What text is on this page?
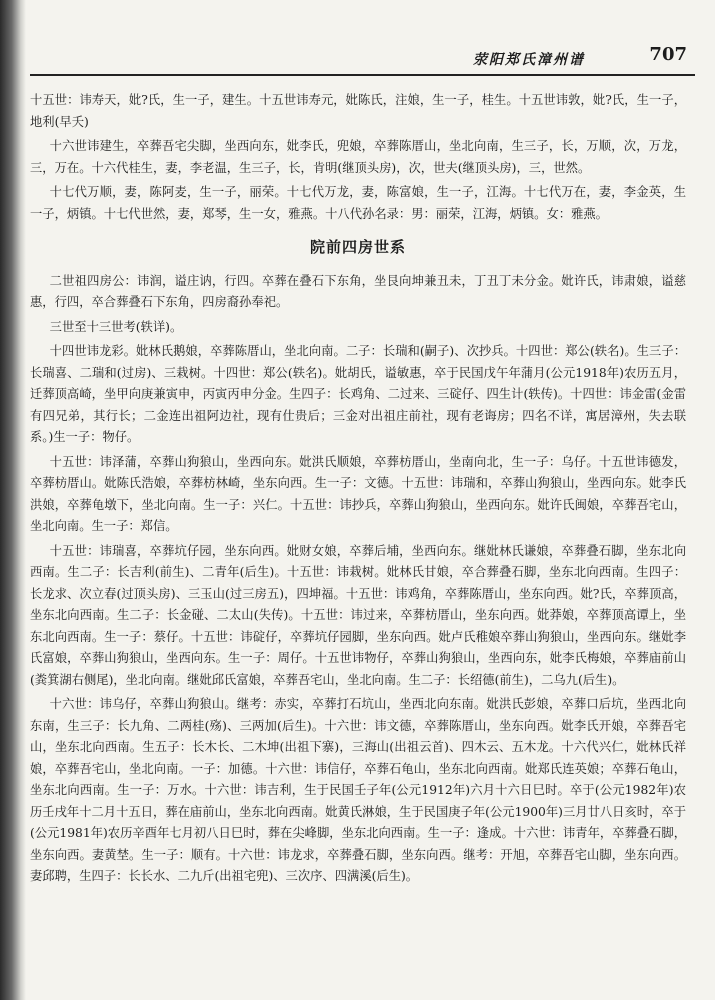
荥阳郑氏漳州谱	707

十五世：讳寿天，妣?氏，生一子，建生。十五世讳寿元，妣陈氏，注娘，生一子，桂生。十五世讳敦，妣?氏，生一子，地利(早夭)

十六世讳建生，卒葬吾宅尖脚，坐西向东，妣李氏，兜娘，卒葬陈厝山，坐北向南，生三子，长，万顺，次，万龙，三，万在。十六代桂生，妻，李老温，生三子，长，肯明(继顶头房)，次，世夫(继顶头房)，三，世然。

十七代万顺，妻，陈阿麦，生一子，丽荣。十七代万龙，妻，陈富娘，生一子，江海。十七代万在，妻，李金英，生一子，炳镇。十七代世然，妻，郑琴，生一女，雅燕。十八代孙名录：男：丽荣，江海，炳镇。女：雅燕。

院前四房世系

二世祖四房公：讳润，谥庄讷，行四。卒葬在叠石下东角，坐艮向坤兼丑未，丁丑丁未分金。妣许氏，讳肃娘，谥慈惠，行四，卒合葬叠石下东角，四房裔孙奉祀。

三世至十三世考(轶详)。

十四世讳龙彩。妣林氏鹅娘，卒葬陈厝山，坐北向南。二子：长瑞和(嗣子)、次抄兵。十四世：郑公(轶名)。生三子：长瑞喜、二瑞和(过房)、三栽树。十四世：郑公(轶名)。妣胡氏，谥敏惠，卒于民国戊午年蒲月(公元1918年)农历五月，迁葬顶高崎，坐甲向庚兼寅申，丙寅丙申分金。生四子：长鸡角、二过来、三碇仔、四生计(轶传)。十四世：讳金雷(金雷有四兄弟，其行长；二金连出祖阿边社，现有仕贵后；三金对出祖庄前社，现有老诲房；四名不详，寓居漳州，失去联系。)生一子：物仔。

十五世：讳泽蒲，卒葬山狗狼山，坐西向东。妣洪氏顺娘，卒葬枋厝山，坐南向北，生一子：乌仔。十五世讳德发，卒葬枋厝山。妣陈氏浩娘，卒葬枋林崎，坐东向西。生一子：文德。十五世：讳瑞和，卒葬山狗狼山，坐西向东。妣李氏洪娘，卒葬龟墩下，坐北向南。生一子：兴仁。十五世：讳抄兵，卒葬山狗狼山，坐西向东。妣许氏闽娘，卒葬吾宅山，坐北向南。生一子：郑信。

十五世：讳瑞喜，卒葬坑仔园，坐东向西。妣财女娘，卒葬后埔，坐西向东。继妣林氏谦娘，卒葬叠石脚，坐东北向西南。生二子：长吉利(前生)、二青年(后生)。十五世：讳栽树。妣林氏甘娘，卒合葬叠石脚，坐东北向西南。生四子：长龙求、次立春(过顶头房)、三玉山(过三房五)，四坤福。十五世：讳鸡角，卒葬陈厝山，坐东向西。妣?氏，卒葬顶高，坐东北向西南。生二子：长金碰、二太山(失传)。十五世：讳过来，卒葬枋厝山，坐东向西。妣莽娘，卒葬顶高谭上，坐东北向西南。生一子：蔡仔。十五世：讳碇仔，卒葬坑仔园脚，坐东向西。妣卢氏稚娘卒葬山狗狼山，坐西向东。继妣李氏富娘，卒葬山狗狼山，坐西向东。生一子：周仔。十五世讳物仔，卒葬山狗狼山，坐西向东，妣李氏梅娘，卒葬庙前山(粪箕湖右侧尾)，坐北向南。继妣邱氏富娘，卒葬吾宅山，坐北向南。生二子：长绍德(前生)，二乌九(后生)。

十六世：讳乌仔，卒葬山狗狼山。继考：赤实，卒葬打石坑山，坐西北向东南。妣洪氏彭娘，卒葬口后坑，坐西北向东南，生三子：长九角、二两桂(殇)、三两加(后生)。十六世：讳文德，卒葬陈厝山，坐东向西。妣李氏开娘，卒葬吾宅山，坐东北向西南。生五子：长木长、二木坤(出祖下寨)，三海山(出祖云首)、四木云、五木龙。十六代兴仁，妣林氏祥娘，卒葬吾宅山，坐北向南。一子：加德。十六世：讳信仔，卒葬石龟山，坐东北向西南。妣郑氏连英娘；卒葬石龟山，坐东北向西南。生一子：万水。十六世：讳吉利，生于民国壬子年(公元1912年)六月十六日巳时。卒于(公元1982年)农历壬戌年十二月十五日，葬在庙前山，坐东北向西南。妣黄氏淋娘，生于民国庚子年(公元1900年)三月廿八日亥时，卒于(公元1981年)农历辛酉年七月初八日巳时，葬在尖峰脚，坐东北向西南。生一子：逢成。十六世：讳青年，卒葬叠石脚，坐东向西。妻黄埜。生一子：顺有。十六世：讳龙求，卒葬叠石脚，坐东向西。继考：开旭，卒葬吾宅山脚，坐东向西。妻邱聘，生四子：长长水、二九斤(出祖宅兜)、三次序、四满溪(后生)。
